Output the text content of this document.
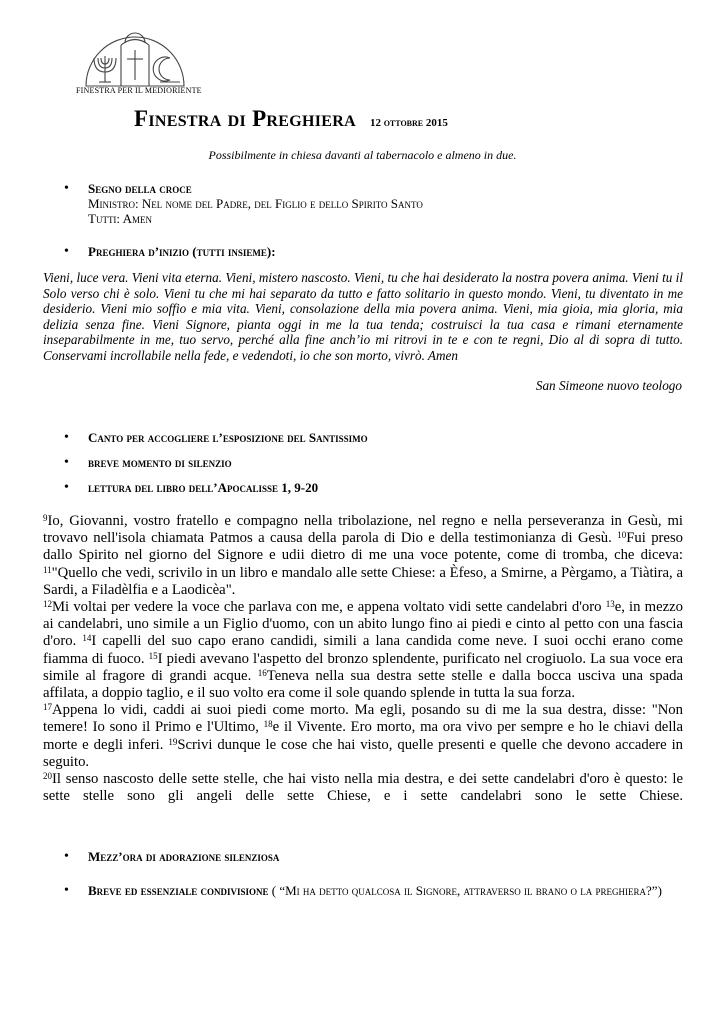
FINESTRA PER IL MEDIORIENTE
Finestra di Preghiera 12 ottobre 2015
Possibilmente in chiesa davanti al tabernacolo e almeno in due.
• Segno della croce
Ministro: Nel nome del Padre, del Figlio e dello Spirito Santo
Tutti: Amen
• Preghiera d’inizio (tutti insieme):

Vieni, luce vera. Vieni vita eterna. Vieni, mistero nascosto. Vieni, tu che hai desiderato la nostra povera anima. Vieni tu il Solo verso chi è solo. Vieni tu che mi hai separato da tutto e fatto solitario in questo mondo. Vieni, tu diventato in me desiderio. Vieni mio soffio e mia vita. Vieni, consolazione della mia povera anima. Vieni, mia gioia, mia gloria, mia delizia senza fine. Vieni Signore, pianta oggi in me la tua tenda; costruisci la tua casa e rimani eternamente inseparabilmente in me, tuo servo, perché alla fine anch’io mi ritrovi in te e con te regni, Dio al di sopra di tutto. Conservami incrollabile nella fede, e vedendoti, io che son morto, vivrò. Amen

San Simeone nuovo teologo
• Canto per accogliere l’esposizione del Santissimo
• breve momento di silenzio
• lettura del libro dell’Apocalisse 1, 9-20

$^9$Io, Giovanni, vostro fratello e compagno nella tribolazione, nel regno e nella perseveranza in Gesù, mi trovavo nell'isola chiamata Patmos a causa della parola di Dio e della testimonianza di Gesù. $^{10}$Fui preso dallo Spirito nel giorno del Signore e udii dietro di me una voce potente, come di tromba, che diceva: $^{11}$"Quello che vedi, scrivilo in un libro e mandalo alle sette Chiese: a Èfeso, a Smirne, a Pèrgamo, a Tiàtira, a Sardi, a Filadèlfia e a Laodicèa".

$^{12}$Mi voltai per vedere la voce che parlava con me, e appena voltato vidi sette candelabri d'oro $^{13}$e, in mezzo ai candelabri, uno simile a un Figlio d'uomo, con un abito lungo fino ai piedi e cinto al petto con una fascia d'oro. $^{14}$I capelli del suo capo erano candidi, simili a lana candida come neve. I suoi occhi erano come fiamma di fuoco. $^{15}$I piedi avevano l'aspetto del bronzo splendente, purificato nel crogiuolo. La sua voce era simile al fragore di grandi acque. $^{16}$Teneva nella sua destra sette stelle e dalla bocca usciva una spada affilata, a doppio taglio, e il suo volto era come il sole quando splende in tutta la sua forza.

$^{17}$Appena lo vidi, caddi ai suoi piedi come morto. Ma egli, posando su di me la sua destra, disse: "Non temere! Io sono il Primo e l'Ultimo, $^{18}$e il Vivente. Ero morto, ma ora vivo per sempre e ho le chiavi della morte e degli inferi. $^{19}$Scrivi dunque le cose che hai visto, quelle presenti e quelle che devono accadere in seguito.

$^{20}$Il senso nascosto delle sette stelle, che hai visto nella mia destra, e dei sette candelabri d'oro è questo: le sette stelle sono gli angeli delle sette Chiese, e i sette candelabri sono le sette Chiese.

• Mezz’ora di adorazione silenziosa
• Breve ed essenziale condivisione ( “Mi ha detto qualcosa il Signore, attraverso il brano o la preghiera?”)
